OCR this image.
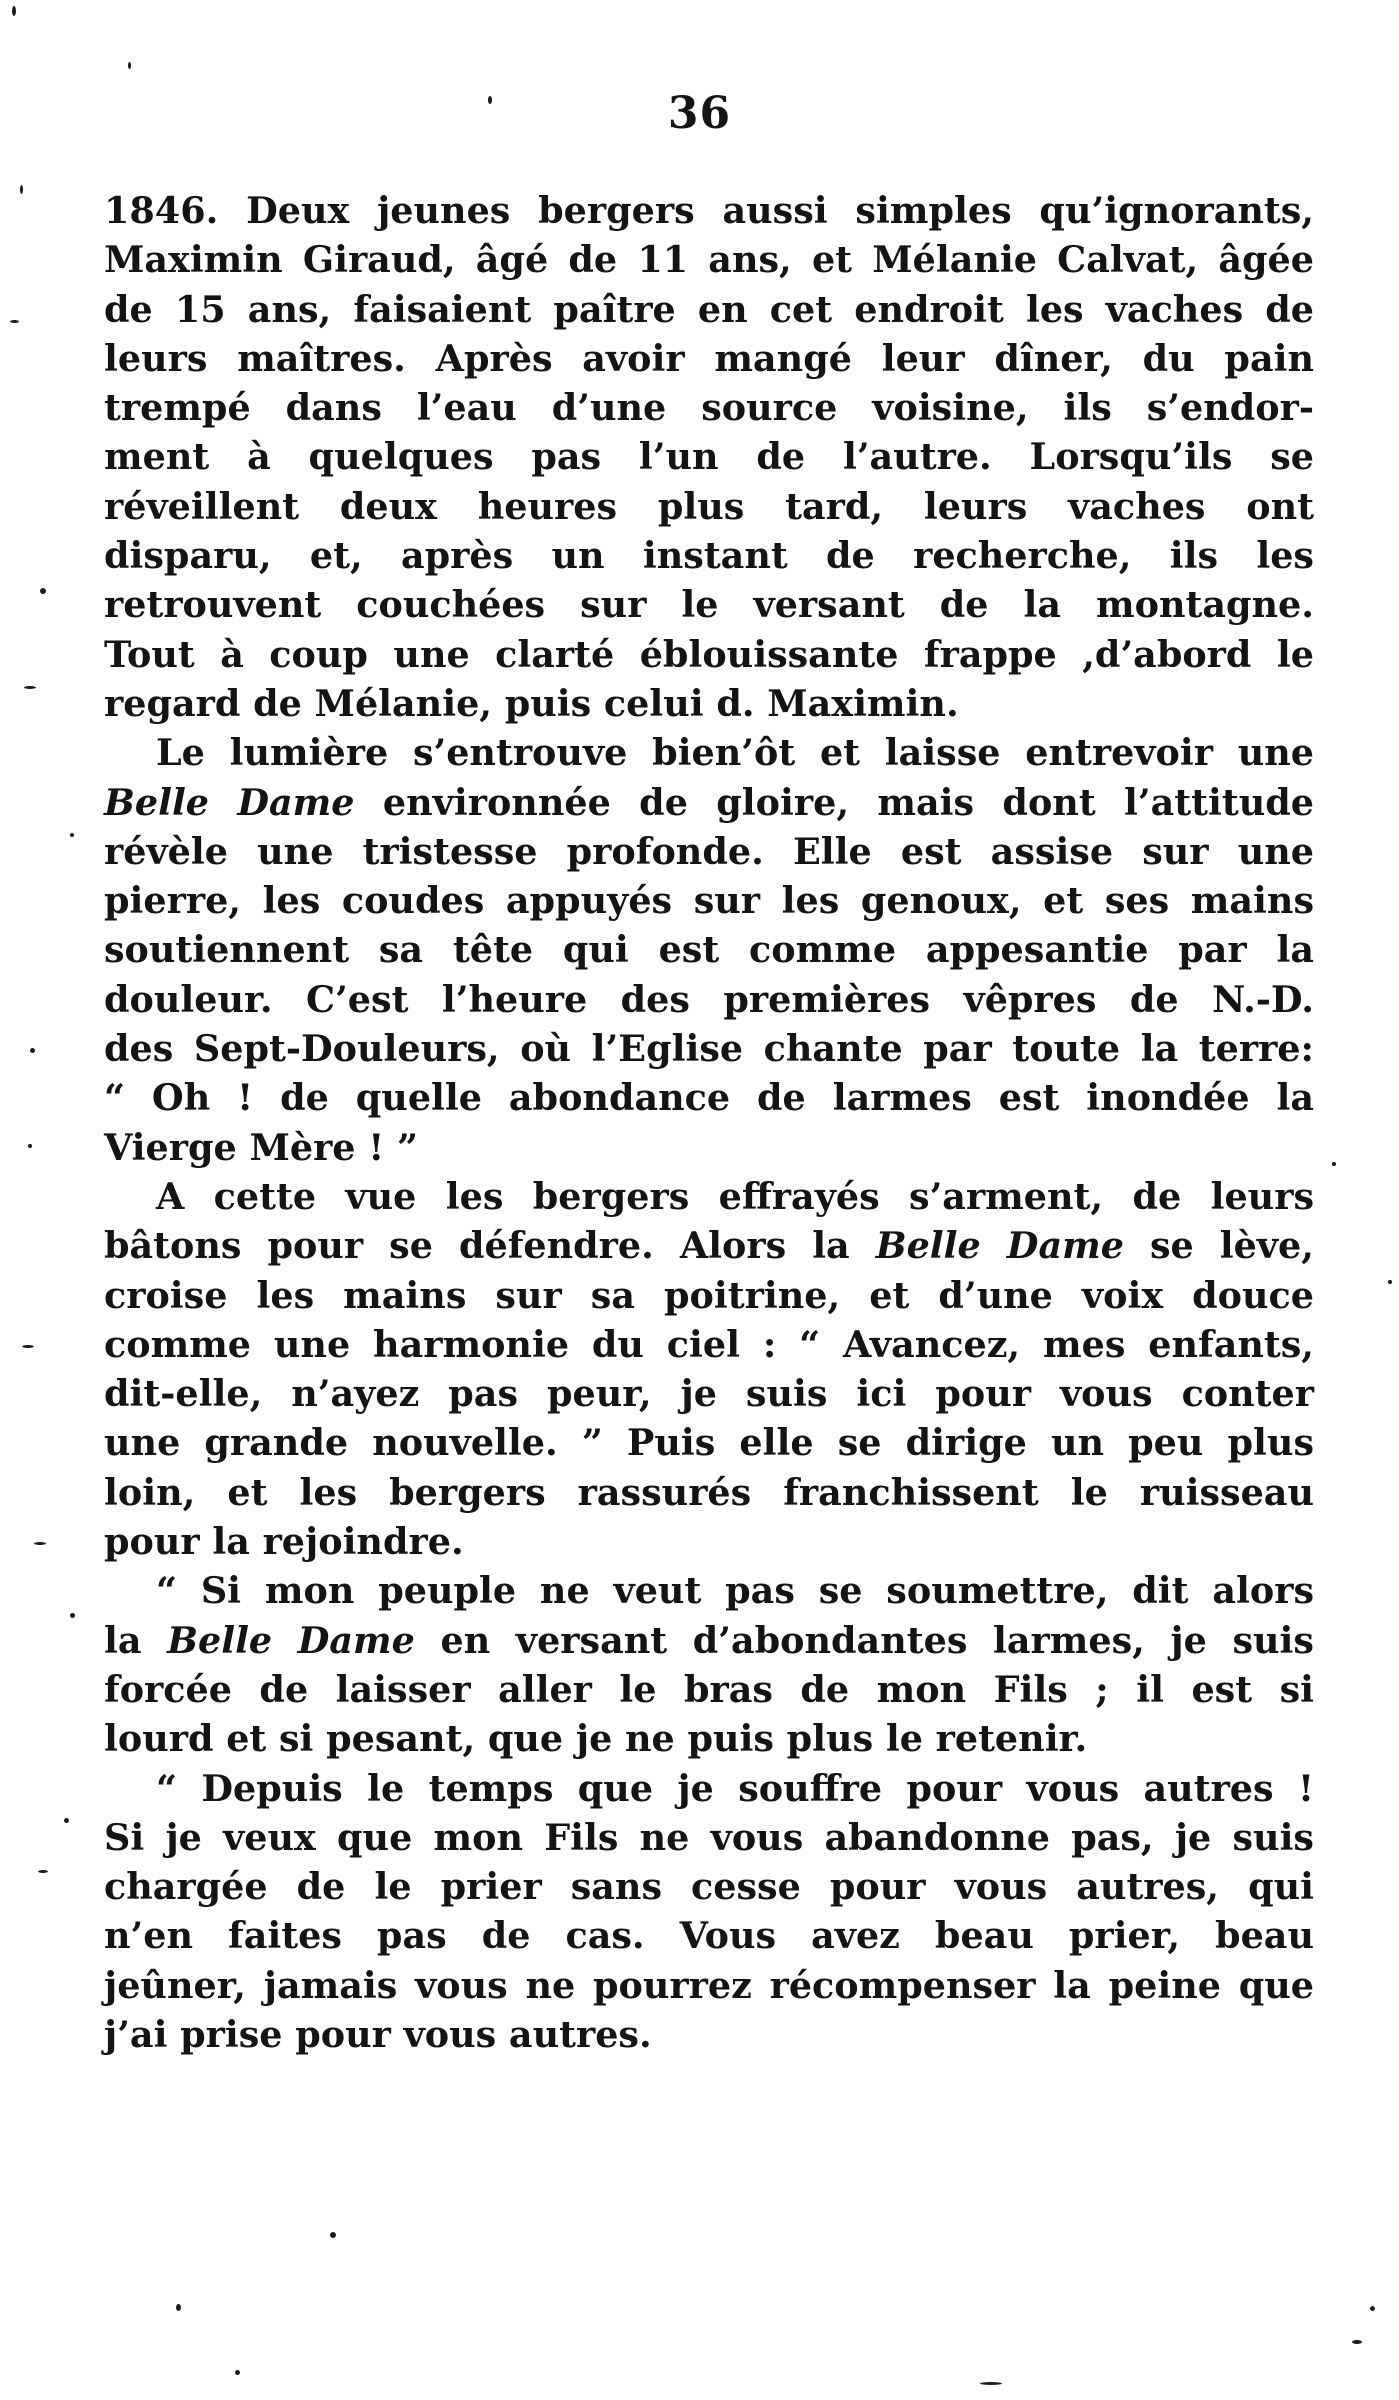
36

1846. Deux jeunes bergers aussi simples qu’ignorants,
Maximin Giraud, âgé de 11 ans, et Mélanie Calvat, âgée
de 15 ans, faisaient paître en cet endroit les vaches de
leurs maîtres. Après avoir mangé leur dîner, du pain
trempé dans l’eau d’une source voisine, ils s’endor-
ment à quelques pas l’un de l’autre. Lorsqu’ils se
réveillent deux heures plus tard, leurs vaches ont
disparu, et, après un instant de recherche, ils les
retrouvent couchées sur le versant de la montagne.
Tout à coup une clarté éblouissante frappe ,d’abord le
regard de Mélanie, puis celui d. Maximin.

Le lumière s’entrouve bien’ôt et laisse entrevoir une
Belle Dame environnée de gloire, mais dont l’attitude
révèle une tristesse profonde. Elle est assise sur une
pierre, les coudes appuyés sur les genoux, et ses mains
soutiennent sa tête qui est comme appesantie par la
douleur. C’est l’heure des premières vêpres de N.-D.
des Sept-Douleurs, où l’Eglise chante par toute la terre:
“ Oh ! de quelle abondance de larmes est inondée la
Vierge Mère ! ”

A cette vue les bergers effrayés s’arment, de leurs
bâtons pour se défendre. Alors la Belle Dame se lève,
croise les mains sur sa poitrine, et d’une voix douce
comme une harmonie du ciel : “ Avancez, mes enfants,
dit-elle, n’ayez pas peur, je suis ici pour vous conter
une grande nouvelle. ” Puis elle se dirige un peu plus
loin, et les bergers rassurés franchissent le ruisseau
pour la rejoindre.

“ Si mon peuple ne veut pas se soumettre, dit alors
la Belle Dame en versant d’abondantes larmes, je suis
forcée de laisser aller le bras de mon Fils ; il est si
lourd et si pesant, que je ne puis plus le retenir.

“ Depuis le temps que je souffre pour vous autres !
Si je veux que mon Fils ne vous abandonne pas, je suis
chargée de le prier sans cesse pour vous autres, qui
n’en faites pas de cas. Vous avez beau prier, beau
jeûner, jamais vous ne pourrez récompenser la peine que
j’ai prise pour vous autres.
